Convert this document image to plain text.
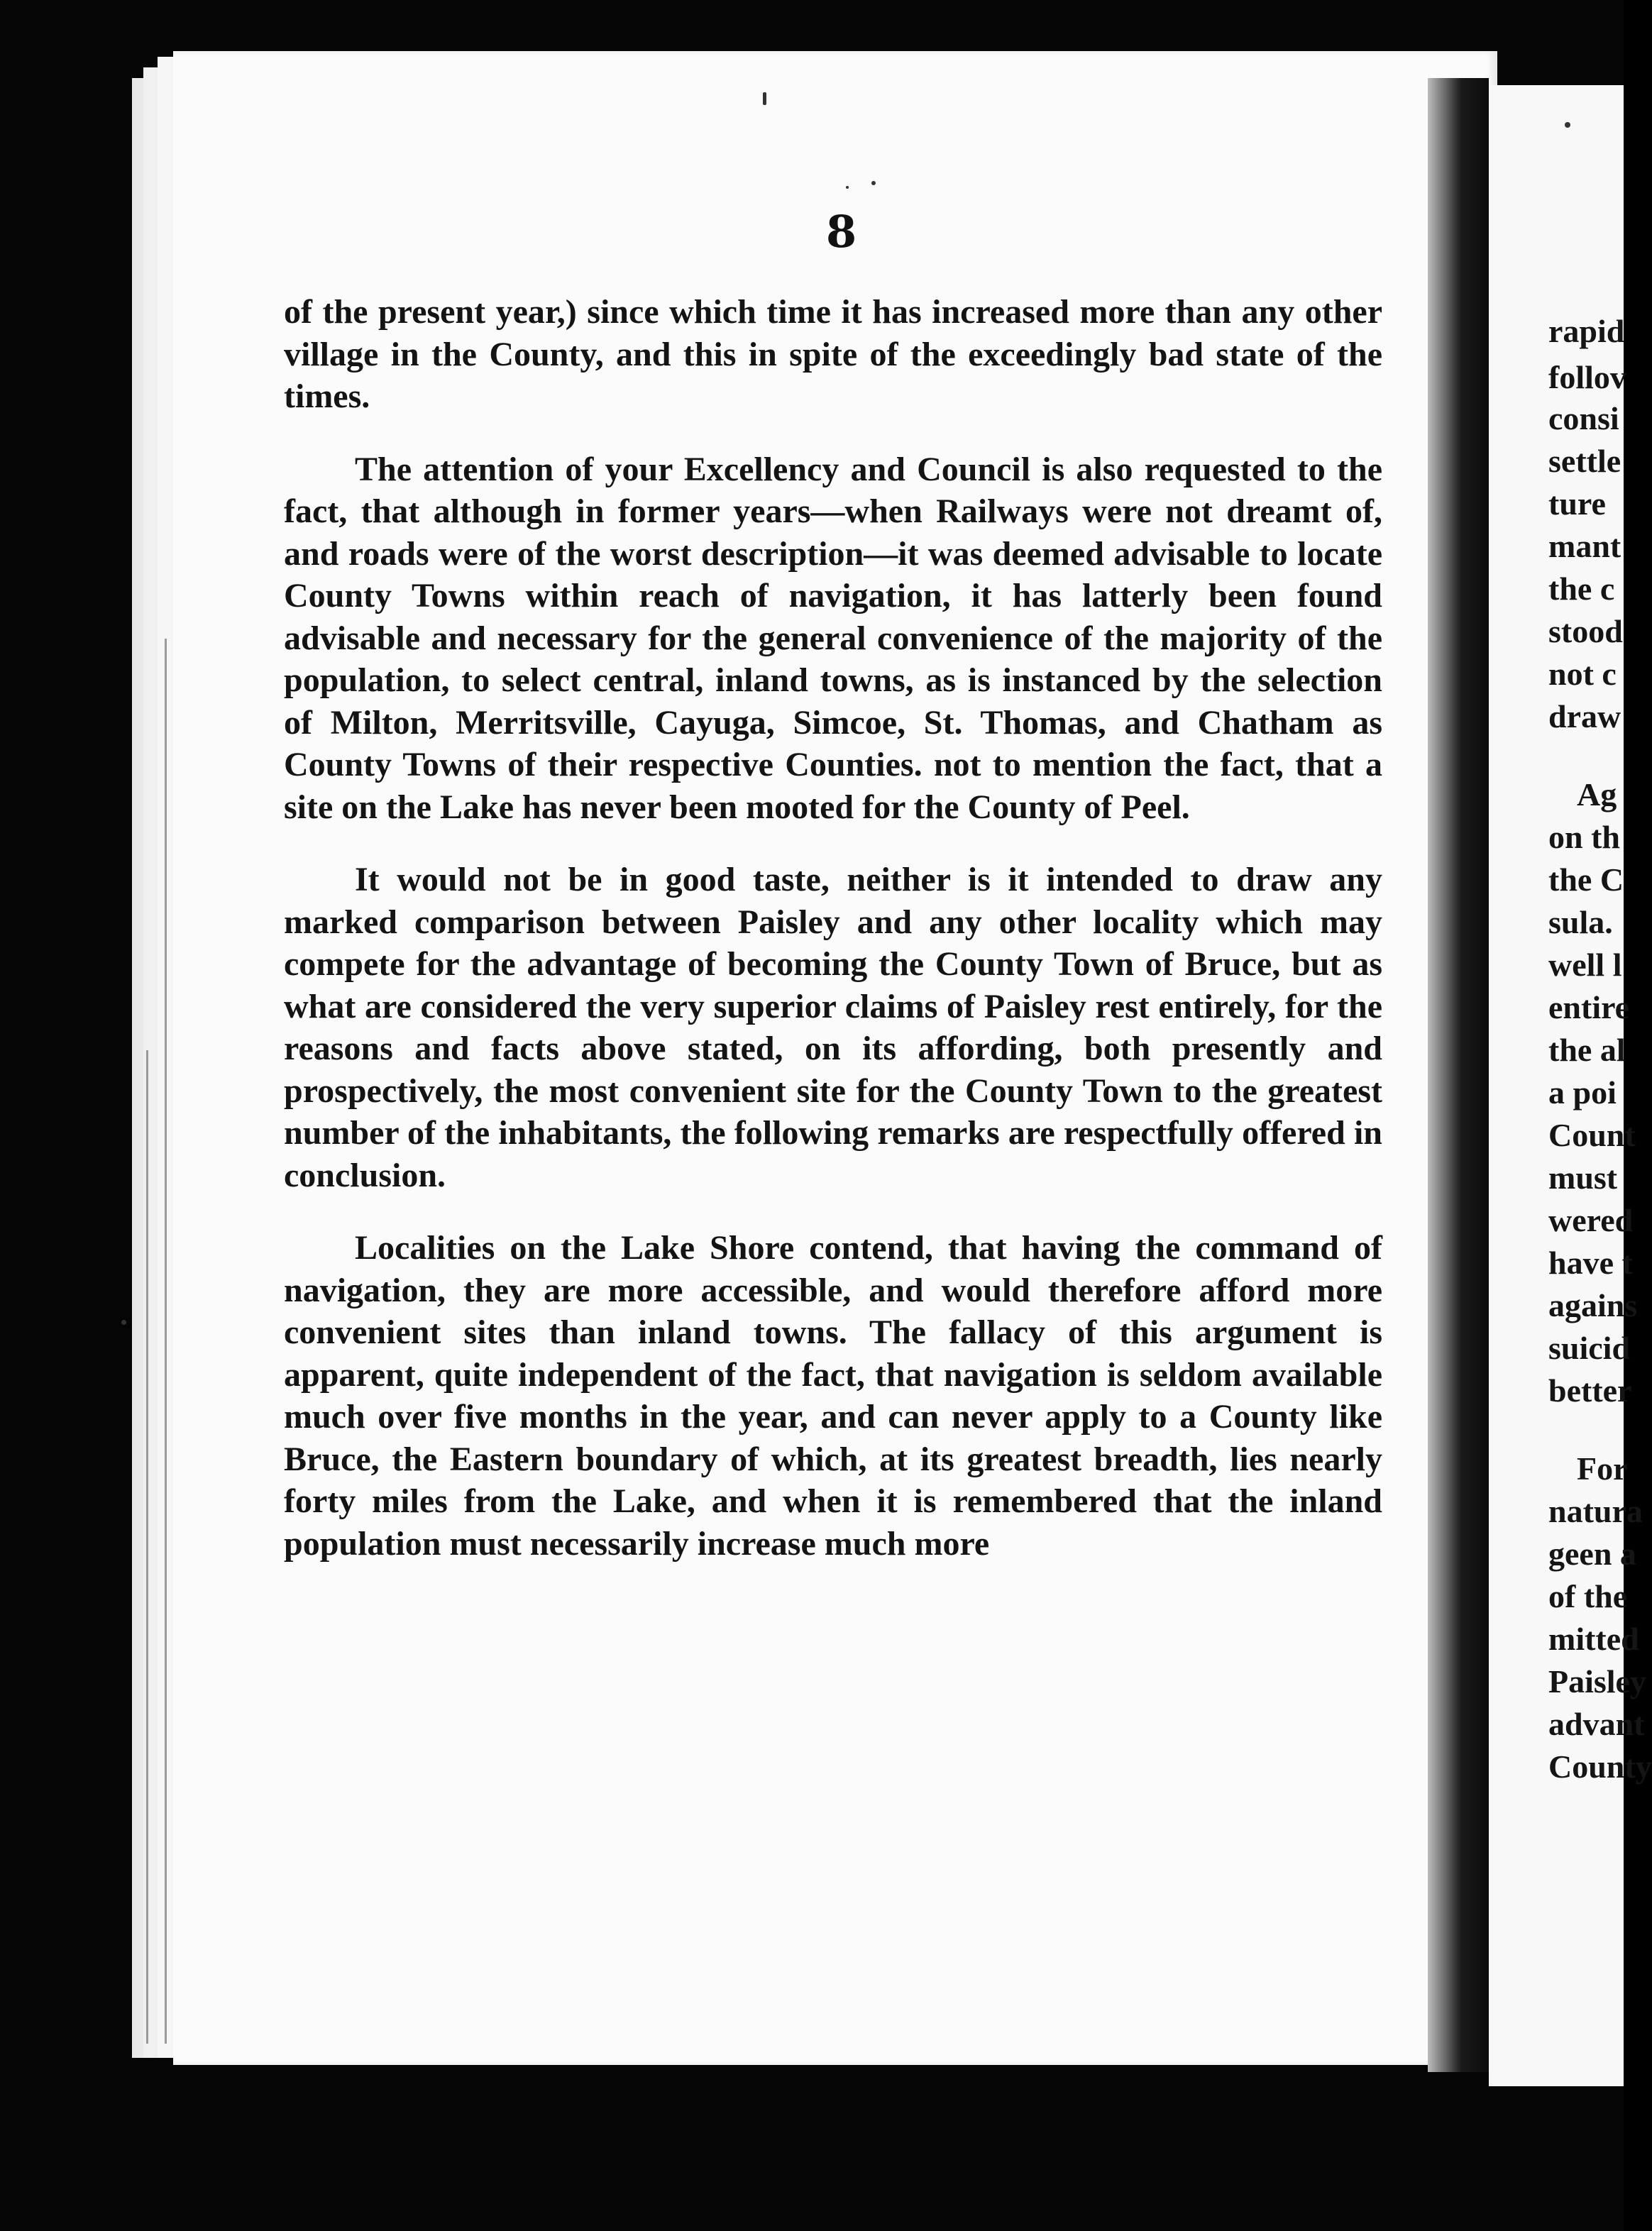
8

of the present year,) since which time it has increased more than any other village in the County, and this in spite of the exceedingly bad state of the times.

The attention of your Excellency and Council is also requested to the fact, that although in former years—when Railways were not dreamt of, and roads were of the worst description—it was deemed advisable to locate County Towns within reach of navigation, it has latterly been found advisable and necessary for the general convenience of the majority of the population, to select central, inland towns, as is instanced by the selection of Milton, Merritsville, Cayuga, Simcoe, St. Thomas, and Chatham as County Towns of their respective Counties. not to mention the fact, that a site on the Lake has never been mooted for the County of Peel.

It would not be in good taste, neither is it intended to draw any marked comparison between Paisley and any other locality which may compete for the advantage of becoming the County Town of Bruce, but as what are considered the very superior claims of Paisley rest entirely, for the reasons and facts above stated, on its affording, both presently and prospectively, the most convenient site for the County Town to the greatest number of the inhabitants, the following remarks are respectfully offered in conclusion.

Localities on the Lake Shore contend, that having the command of navigation, they are more accessible, and would therefore afford more convenient sites than inland towns. The fallacy of this argument is apparent, quite independent of the fact, that navigation is seldom available much over five months in the year, and can never apply to a County like Bruce, the Eastern boundary of which, at its greatest breadth, lies nearly forty miles from the Lake, and when it is remembered that the inland population must necessarily increase much more

rapid
follov
consi
settle
ture
mant
the c
stood
not c
draw
Ag
on th
the C
sula.
well l
entire
the al
a poi
Count
must
wered
have t
agains
suicid
better
For
natura
geen a
of the
mitted
Paisley
advant
County
